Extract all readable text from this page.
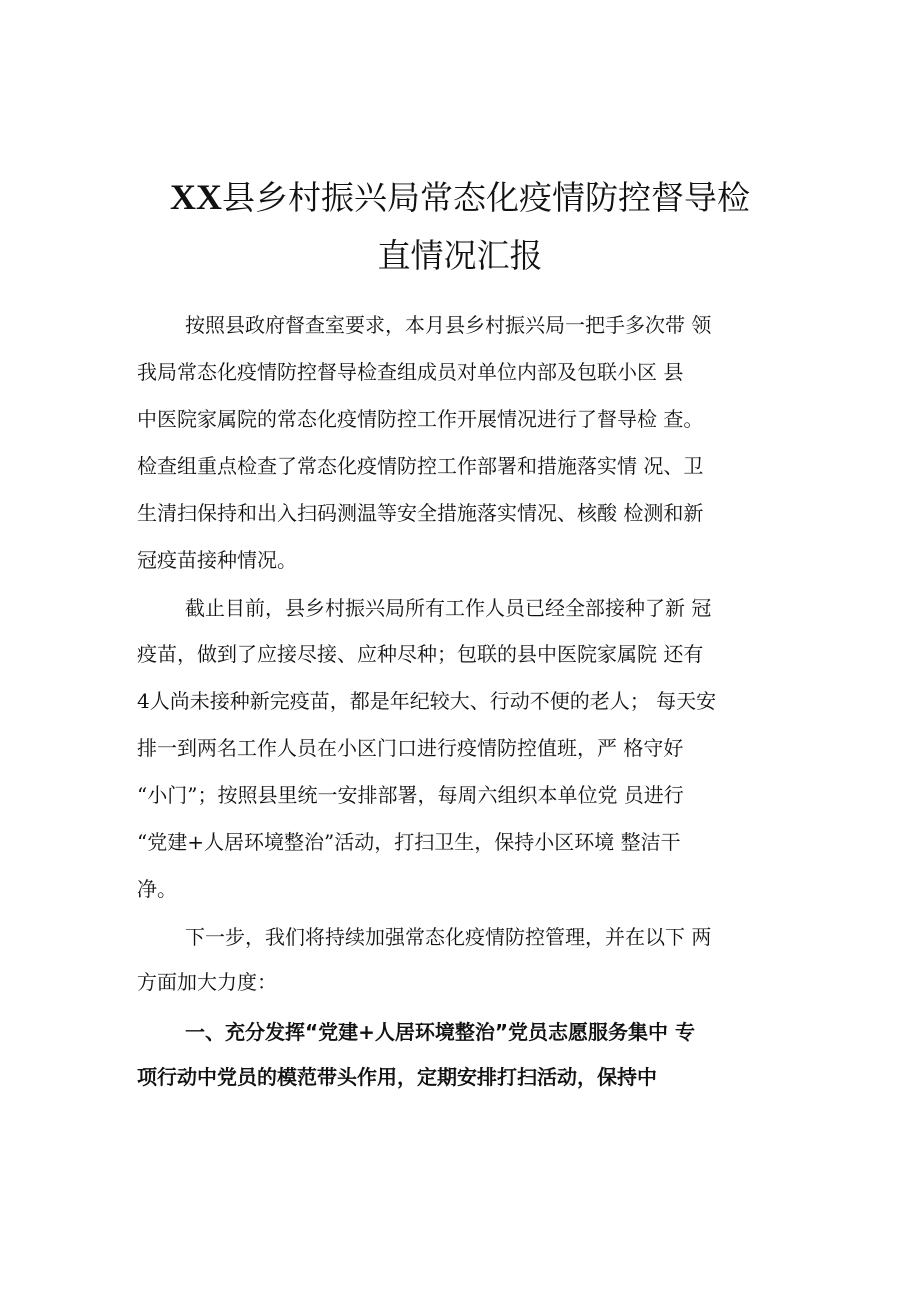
XX县乡村振兴局常态化疫情防控督导检
直情况汇报

按照县政府督查室要求，本月县乡村振兴局一把手多次带 领

我局常态化疫情防控督导检查组成员对单位内部及包联小区 县

中医院家属院的常态化疫情防控工作开展情况进行了督导检 查。

检查组重点检查了常态化疫情防控工作部署和措施落实情 况、卫

生清扫保持和出入扫码测温等安全措施落实情况、核酸 检测和新

冠疫苗接种情况。

截止目前，县乡村振兴局所有工作人员已经全部接种了新 冠

疫苗，做到了应接尽接、应种尽种；包联的县中医院家属院 还有

4人尚未接种新完疫苗，都是年纪较大、行动不便的老人； 每天安

排一到两名工作人员在小区门口进行疫情防控值班，严 格守好

“小门”；按照县里统一安排部署，每周六组织本单位党 员进行

“党建+人居环境整治”活动，打扫卫生，保持小区环境 整洁干

净。

下一步，我们将持续加强常态化疫情防控管理，并在以下 两

方面加大力度：

一、充分发挥“党建+人居环境整治”党员志愿服务集中 专

项行动中党员的模范带头作用，定期安排打扫活动，保持中
